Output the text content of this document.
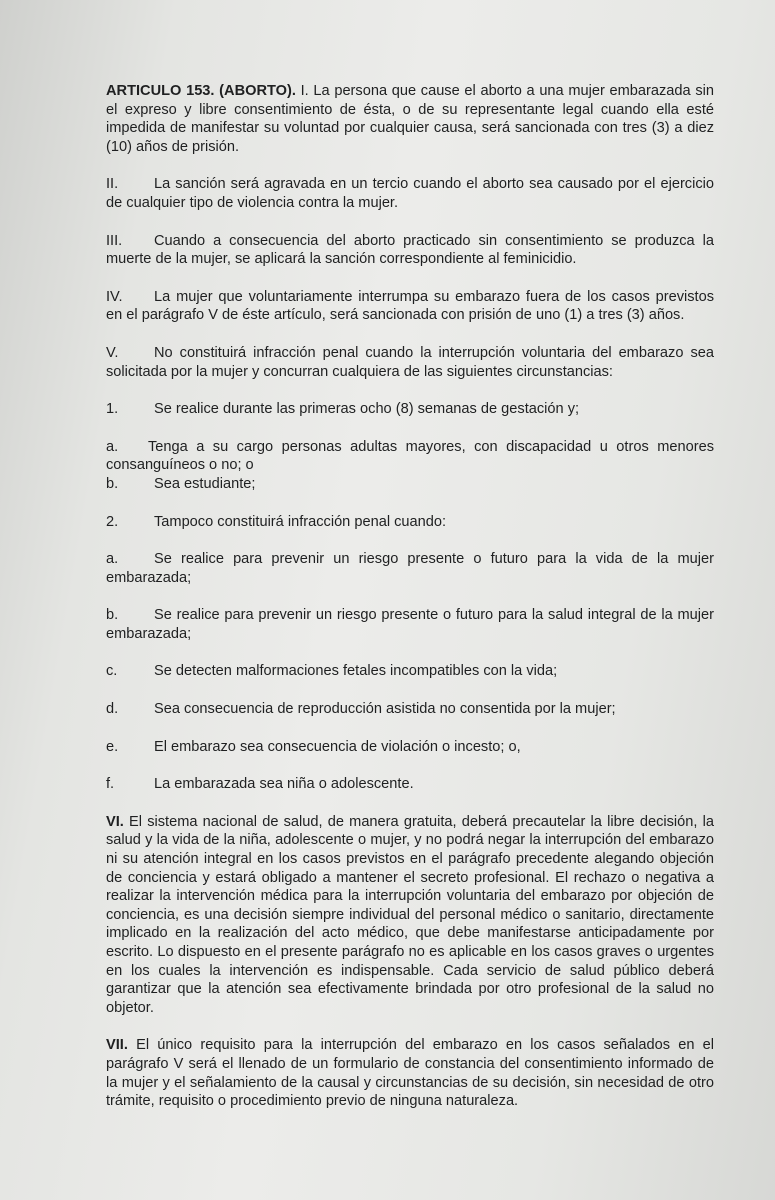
ARTICULO 153. (ABORTO). I. La persona que cause el aborto a una mujer embarazada sin el expreso y libre consentimiento de ésta, o de su representante legal cuando ella esté impedida de manifestar su voluntad por cualquier causa, será sancionada con tres (3) a diez (10) años de prisión.

II. La sanción será agravada en un tercio cuando el aborto sea causado por el ejercicio de cualquier tipo de violencia contra la mujer.

III. Cuando a consecuencia del aborto practicado sin consentimiento se produzca la muerte de la mujer, se aplicará la sanción correspondiente al feminicidio.

IV. La mujer que voluntariamente interrumpa su embarazo fuera de los casos previstos en el parágrafo V de éste artículo, será sancionada con prisión de uno (1) a tres (3) años.

V. No constituirá infracción penal cuando la interrupción voluntaria del embarazo sea solicitada por la mujer y concurran cualquiera de las siguientes circunstancias:

1. Se realice durante las primeras ocho (8) semanas de gestación y;

a. Tenga a su cargo personas adultas mayores, con discapacidad u otros menores consanguíneos o no; o

b. Sea estudiante;

2. Tampoco constituirá infracción penal cuando:

a. Se realice para prevenir un riesgo presente o futuro para la vida de la mujer embarazada;

b. Se realice para prevenir un riesgo presente o futuro para la salud integral de la mujer embarazada;

c.	Se detecten malformaciones fetales incompatibles con la vida;

d. Sea consecuencia de reproducción asistida no consentida por la mujer;

e. El embarazo sea consecuencia de violación o incesto; o,

f.	La embarazada sea niña o adolescente.

VI. El sistema nacional de salud, de manera gratuita, deberá precautelar la libre decisión, la salud y la vida de la niña, adolescente o mujer, y no podrá negar la interrupción del embarazo ni su atención integral en los casos previstos en el parágrafo precedente alegando objeción de conciencia y estará obligado a mantener el secreto profesional. El rechazo o negativa a realizar la intervención médica para la interrupción voluntaria del embarazo por objeción de conciencia, es una decisión siempre individual del personal médico o sanitario, directamente implicado en la realización del acto médico, que debe manifestarse anticipadamente por escrito. Lo dispuesto en el presente parágrafo no es aplicable en los casos graves o urgentes en los cuales la intervención es indispensable. Cada servicio de salud público deberá garantizar que la atención sea efectivamente brindada por otro profesional de la salud no objetor.

VII. El único requisito para la interrupción del embarazo en los casos señalados en el parágrafo V será el llenado de un formulario de constancia del consentimiento informado de la mujer y el señalamiento de la causal y circunstancias de su decisión, sin necesidad de otro trámite, requisito o procedimiento previo de ninguna naturaleza.
